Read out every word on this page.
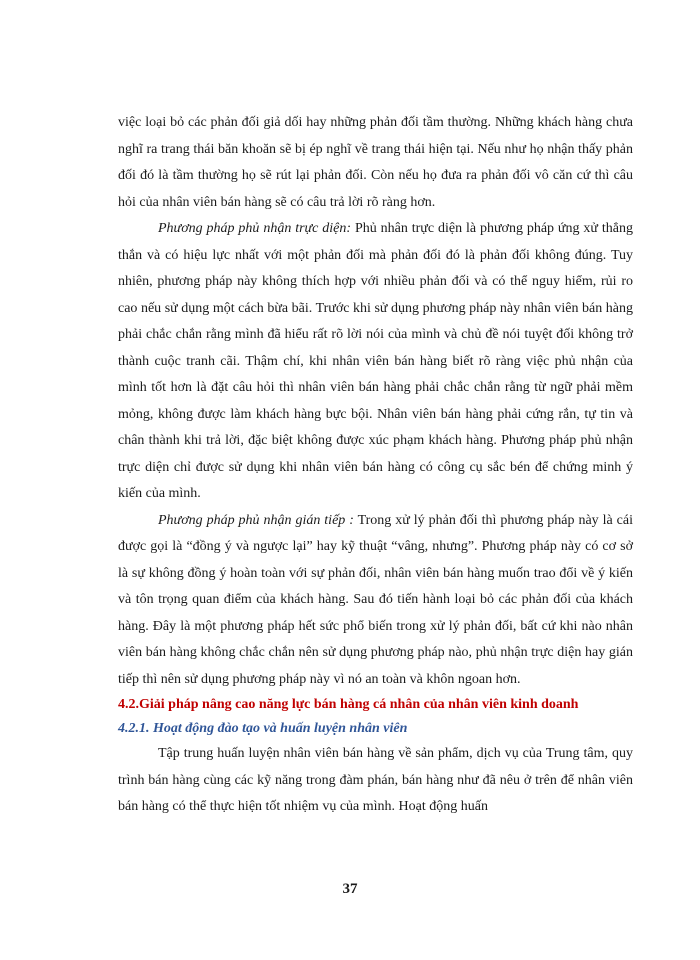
việc loại bỏ các phản đối giả dối hay những phản đối tầm thường. Những khách hàng chưa nghĩ ra trang thái băn khoăn sẽ bị ép nghĩ về trang thái hiện tại. Nếu như họ nhận thấy phản đối đó là tầm thường họ sẽ rút lại phản đối. Còn nếu họ đưa ra phản đối vô căn cứ thì câu hỏi của nhân viên bán hàng sẽ có câu trả lời rõ ràng hơn.

Phương pháp phủ nhận trực diện: Phủ nhân trực diện là phương pháp ứng xử thẳng thắn và có hiệu lực nhất với một phản đối mà phản đối đó là phản đối không đúng. Tuy nhiên, phương pháp này không thích hợp với nhiều phản đối và có thể nguy hiểm, rủi ro cao nếu sử dụng một cách bừa bãi. Trước khi sử dụng phương pháp này nhân viên bán hàng phải chắc chắn rằng mình đã hiểu rất rõ lời nói của mình và chủ đề nói tuyệt đối không trở thành cuộc tranh cãi. Thậm chí, khi nhân viên bán hàng biết rõ ràng việc phủ nhận của mình tốt hơn là đặt câu hỏi thì nhân viên bán hàng phải chắc chắn rằng từ ngữ phải mềm mỏng, không được làm khách hàng bực bội. Nhân viên bán hàng phải cứng rắn, tự tin và chân thành khi trả lời, đặc biệt không được xúc phạm khách hàng. Phương pháp phủ nhận trực diện chỉ được sử dụng khi nhân viên bán hàng có công cụ sắc bén để chứng minh ý kiến của mình.

Phương pháp phủ nhận gián tiếp : Trong xử lý phản đối thì phương pháp này là cái được gọi là “đồng ý và ngược lại” hay kỹ thuật “vâng, nhưng”. Phương pháp này có cơ sở là sự không đồng ý hoàn toàn với sự phản đối, nhân viên bán hàng muốn trao đổi về ý kiến và tôn trọng quan điểm của khách hàng. Sau đó tiến hành loại bỏ các phản đối của khách hàng. Đây là một phương pháp hết sức phổ biến trong xử lý phản đối, bất cứ khi nào nhân viên bán hàng không chắc chắn nên sử dụng phương pháp nào, phủ nhận trực diện hay gián tiếp thì nên sử dụng phương pháp này vì nó an toàn và khôn ngoan hơn.

4.2.Giải pháp nâng cao năng lực bán hàng cá nhân của nhân viên kinh doanh

4.2.1. Hoạt động đào tạo và huấn luyện nhân viên

Tập trung huấn luyện nhân viên bán hàng về sản phẩm, dịch vụ của Trung tâm, quy trình bán hàng cùng các kỹ năng trong đàm phán, bán hàng như đã nêu ở trên để nhân viên bán hàng có thể thực hiện tốt nhiệm vụ của mình. Hoạt động huấn

37
